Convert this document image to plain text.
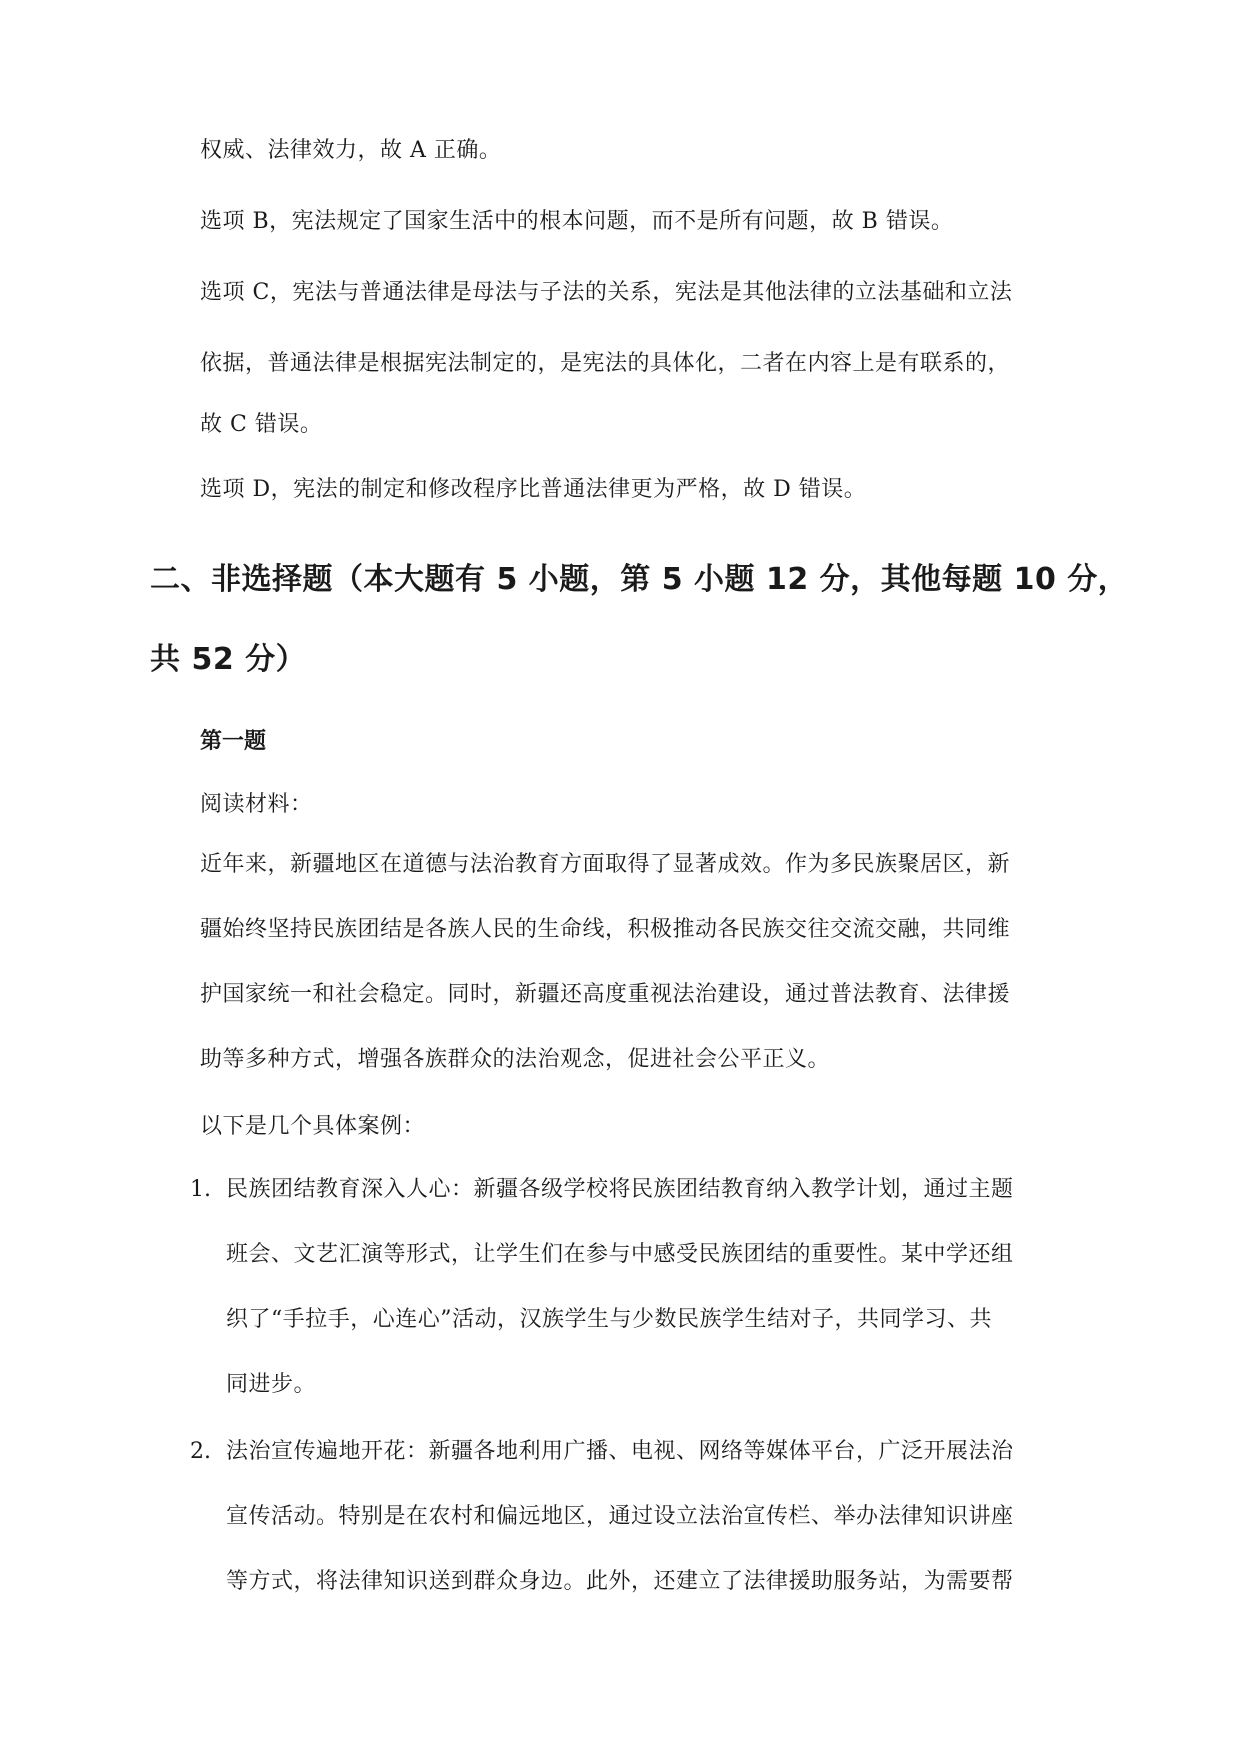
权威、法律效力，故 A 正确。
选项 B，宪法规定了国家生活中的根本问题，而不是所有问题，故 B 错误。
选项 C，宪法与普通法律是母法与子法的关系，宪法是其他法律的立法基础和立法
依据，普通法律是根据宪法制定的，是宪法的具体化，二者在内容上是有联系的，
故 C 错误。
选项 D，宪法的制定和修改程序比普通法律更为严格，故 D 错误。
二、非选择题（本大题有 5 小题，第 5 小题 12 分，其他每题 10 分，
共 52 分）
第一题
阅读材料：
近年来，新疆地区在道德与法治教育方面取得了显著成效。作为多民族聚居区，新
疆始终坚持民族团结是各族人民的生命线，积极推动各民族交往交流交融，共同维
护国家统一和社会稳定。同时，新疆还高度重视法治建设，通过普法教育、法律援
助等多种方式，增强各族群众的法治观念，促进社会公平正义。
以下是几个具体案例：
1. 民族团结教育深入人心：新疆各级学校将民族团结教育纳入教学计划，通过主题
班会、文艺汇演等形式，让学生们在参与中感受民族团结的重要性。某中学还组
织了“手拉手，心连心”活动，汉族学生与少数民族学生结对子，共同学习、共
同进步。
2. 法治宣传遍地开花：新疆各地利用广播、电视、网络等媒体平台，广泛开展法治
宣传活动。特别是在农村和偏远地区，通过设立法治宣传栏、举办法律知识讲座
等方式，将法律知识送到群众身边。此外，还建立了法律援助服务站，为需要帮
